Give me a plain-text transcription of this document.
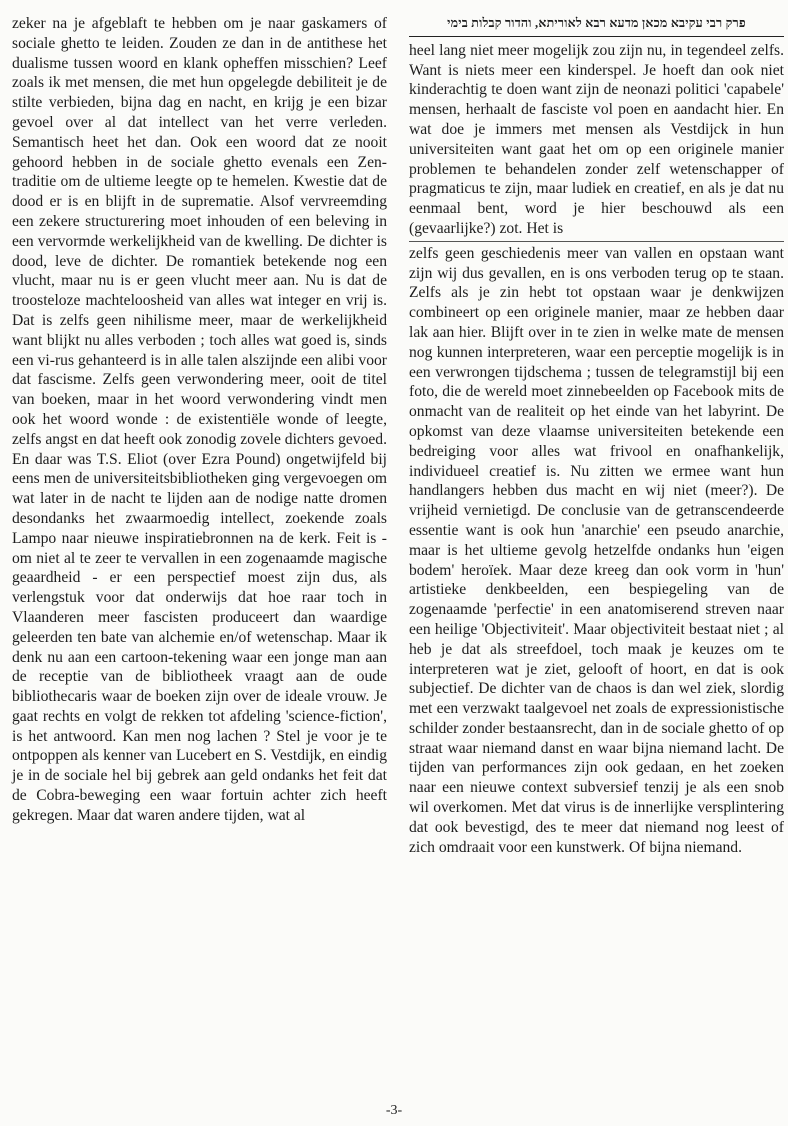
zeker na je afgeblaft te hebben om je naar gaskamers of sociale ghetto te leiden. Zouden ze dan in de antithese het dualisme tussen woord en klank opheffen misschien? Leef zoals ik met mensen, die met hun opgelegde debiliteit je de stilte verbieden, bijna dag en nacht, en krijg je een bizar gevoel over al dat intellect van het verre verleden. Semantisch heet het dan. Ook een woord dat ze nooit gehoord hebben in de sociale ghetto evenals een Zen-traditie om de ultieme leegte op te hemelen. Kwestie dat de dood er is en blijft in de suprematie. Alsof vervreemding een zekere structurering moet inhouden of een beleving in een vervormde werkelijkheid van de kwelling. De dichter is dood, leve de dichter. De romantiek betekende nog een vlucht, maar nu is er geen vlucht meer aan. Nu is dat de troosteloze machteloosheid van alles wat integer en vrij is. Dat is zelfs geen nihilisme meer, maar de werkelijkheid want blijkt nu alles verboden ; toch alles wat goed is, sinds een vi-rus gehanteerd is in alle talen alszijnde een alibi voor dat fascisme. Zelfs geen verwondering meer, ooit de titel van boeken, maar in het woord verwondering vindt men ook het woord wonde : de existentiële wonde of leegte, zelfs angst en dat heeft ook zonodig zovele dichters gevoed. En daar was T.S. Eliot (over Ezra Pound) ongetwijfeld bij eens men de universiteitsbibliotheken ging vergevoegen om wat later in de nacht te lijden aan de nodige natte dromen desondanks het zwaarmoedig intellect, zoekende zoals Lampo naar nieuwe inspiratiebronnen na de kerk. Feit is - om niet al te zeer te vervallen in een zogenaamde magische geaardheid - er een perspectief moest zijn dus, als verlengstuk voor dat onderwijs dat hoe raar toch in Vlaanderen meer fascisten produceert dan waardige geleerden ten bate van alchemie en/of wetenschap. Maar ik denk nu aan een cartoon-tekening waar een jonge man aan de receptie van de bibliotheek vraagt aan de oude bibliothecaris waar de boeken zijn over de ideale vrouw. Je gaat rechts en volgt de rekken tot afdeling 'science-fiction', is het antwoord. Kan men nog lachen ? Stel je voor je te ontpoppen als kenner van Lucebert en S. Vestdijk, en eindig je in de sociale hel bij gebrek aan geld ondanks het feit dat de Cobra-beweging een waar fortuin achter zich heeft gekregen. Maar dat waren andere tijden, wat al

פרק רבי עקיבא מכאן מדעא רבא לאוריתא, והדור קבלות בימי

heel lang niet meer mogelijk zou zijn nu, in tegendeel zelfs. Want is niets meer een kinderspel. Je hoeft dan ook niet kinderachtig te doen want zijn de neonazi politici 'capabele' mensen, herhaalt de fasciste vol poen en aandacht hier. En wat doe je immers met mensen als Vestdijck in hun universiteiten want gaat het om op een originele manier problemen te behandelen zonder zelf wetenschapper of pragmaticus te zijn, maar ludiek en creatief, en als je dat nu eenmaal bent, word je hier beschouwd als een (gevaarlijke?) zot. Het is

zelfs geen geschiedenis meer van vallen en opstaan want zijn wij dus gevallen, en is ons verboden terug op te staan. Zelfs als je zin hebt tot opstaan waar je denkwijzen combineert op een originele manier, maar ze hebben daar lak aan hier. Blijft over in te zien in welke mate de mensen nog kunnen interpreteren, waar een perceptie mogelijk is in een verwrongen tijdschema ; tussen de telegramstijl bij een foto, die de wereld moet zinnebeelden op Facebook mits de onmacht van de realiteit op het einde van het labyrint. De opkomst van deze vlaamse universiteiten betekende een bedreiging voor alles wat frivool en onafhankelijk, individueel creatief is. Nu zitten we ermee want hun handlangers hebben dus macht en wij niet (meer?). De vrijheid vernietigd. De conclusie van de getranscendeerde essentie want is ook hun 'anarchie' een pseudo anarchie, maar is het ultieme gevolg hetzelfde ondanks hun 'eigen bodem' heroïek. Maar deze kreeg dan ook vorm in 'hun' artistieke denkbeelden, een bespiegeling van de zogenaamde 'perfectie' in een anatomiserend streven naar een heilige 'Objectiviteit'. Maar objectiviteit bestaat niet ; al heb je dat als streefdoel, toch maak je keuzes om te interpreteren wat je ziet, gelooft of hoort, en dat is ook subjectief. De dichter van de chaos is dan wel ziek, slordig met een verzwakt taalgevoel net zoals de expressionistische schilder zonder bestaansrecht, dan in de sociale ghetto of op straat waar niemand danst en waar bijna niemand lacht. De tijden van performances zijn ook gedaan, en het zoeken naar een nieuwe context subversief tenzij je als een snob wil overkomen. Met dat virus is de innerlijke versplintering dat ook bevestigd, des te meer dat niemand nog leest of zich omdraait voor een kunstwerk. Of bijna niemand.

-3-
